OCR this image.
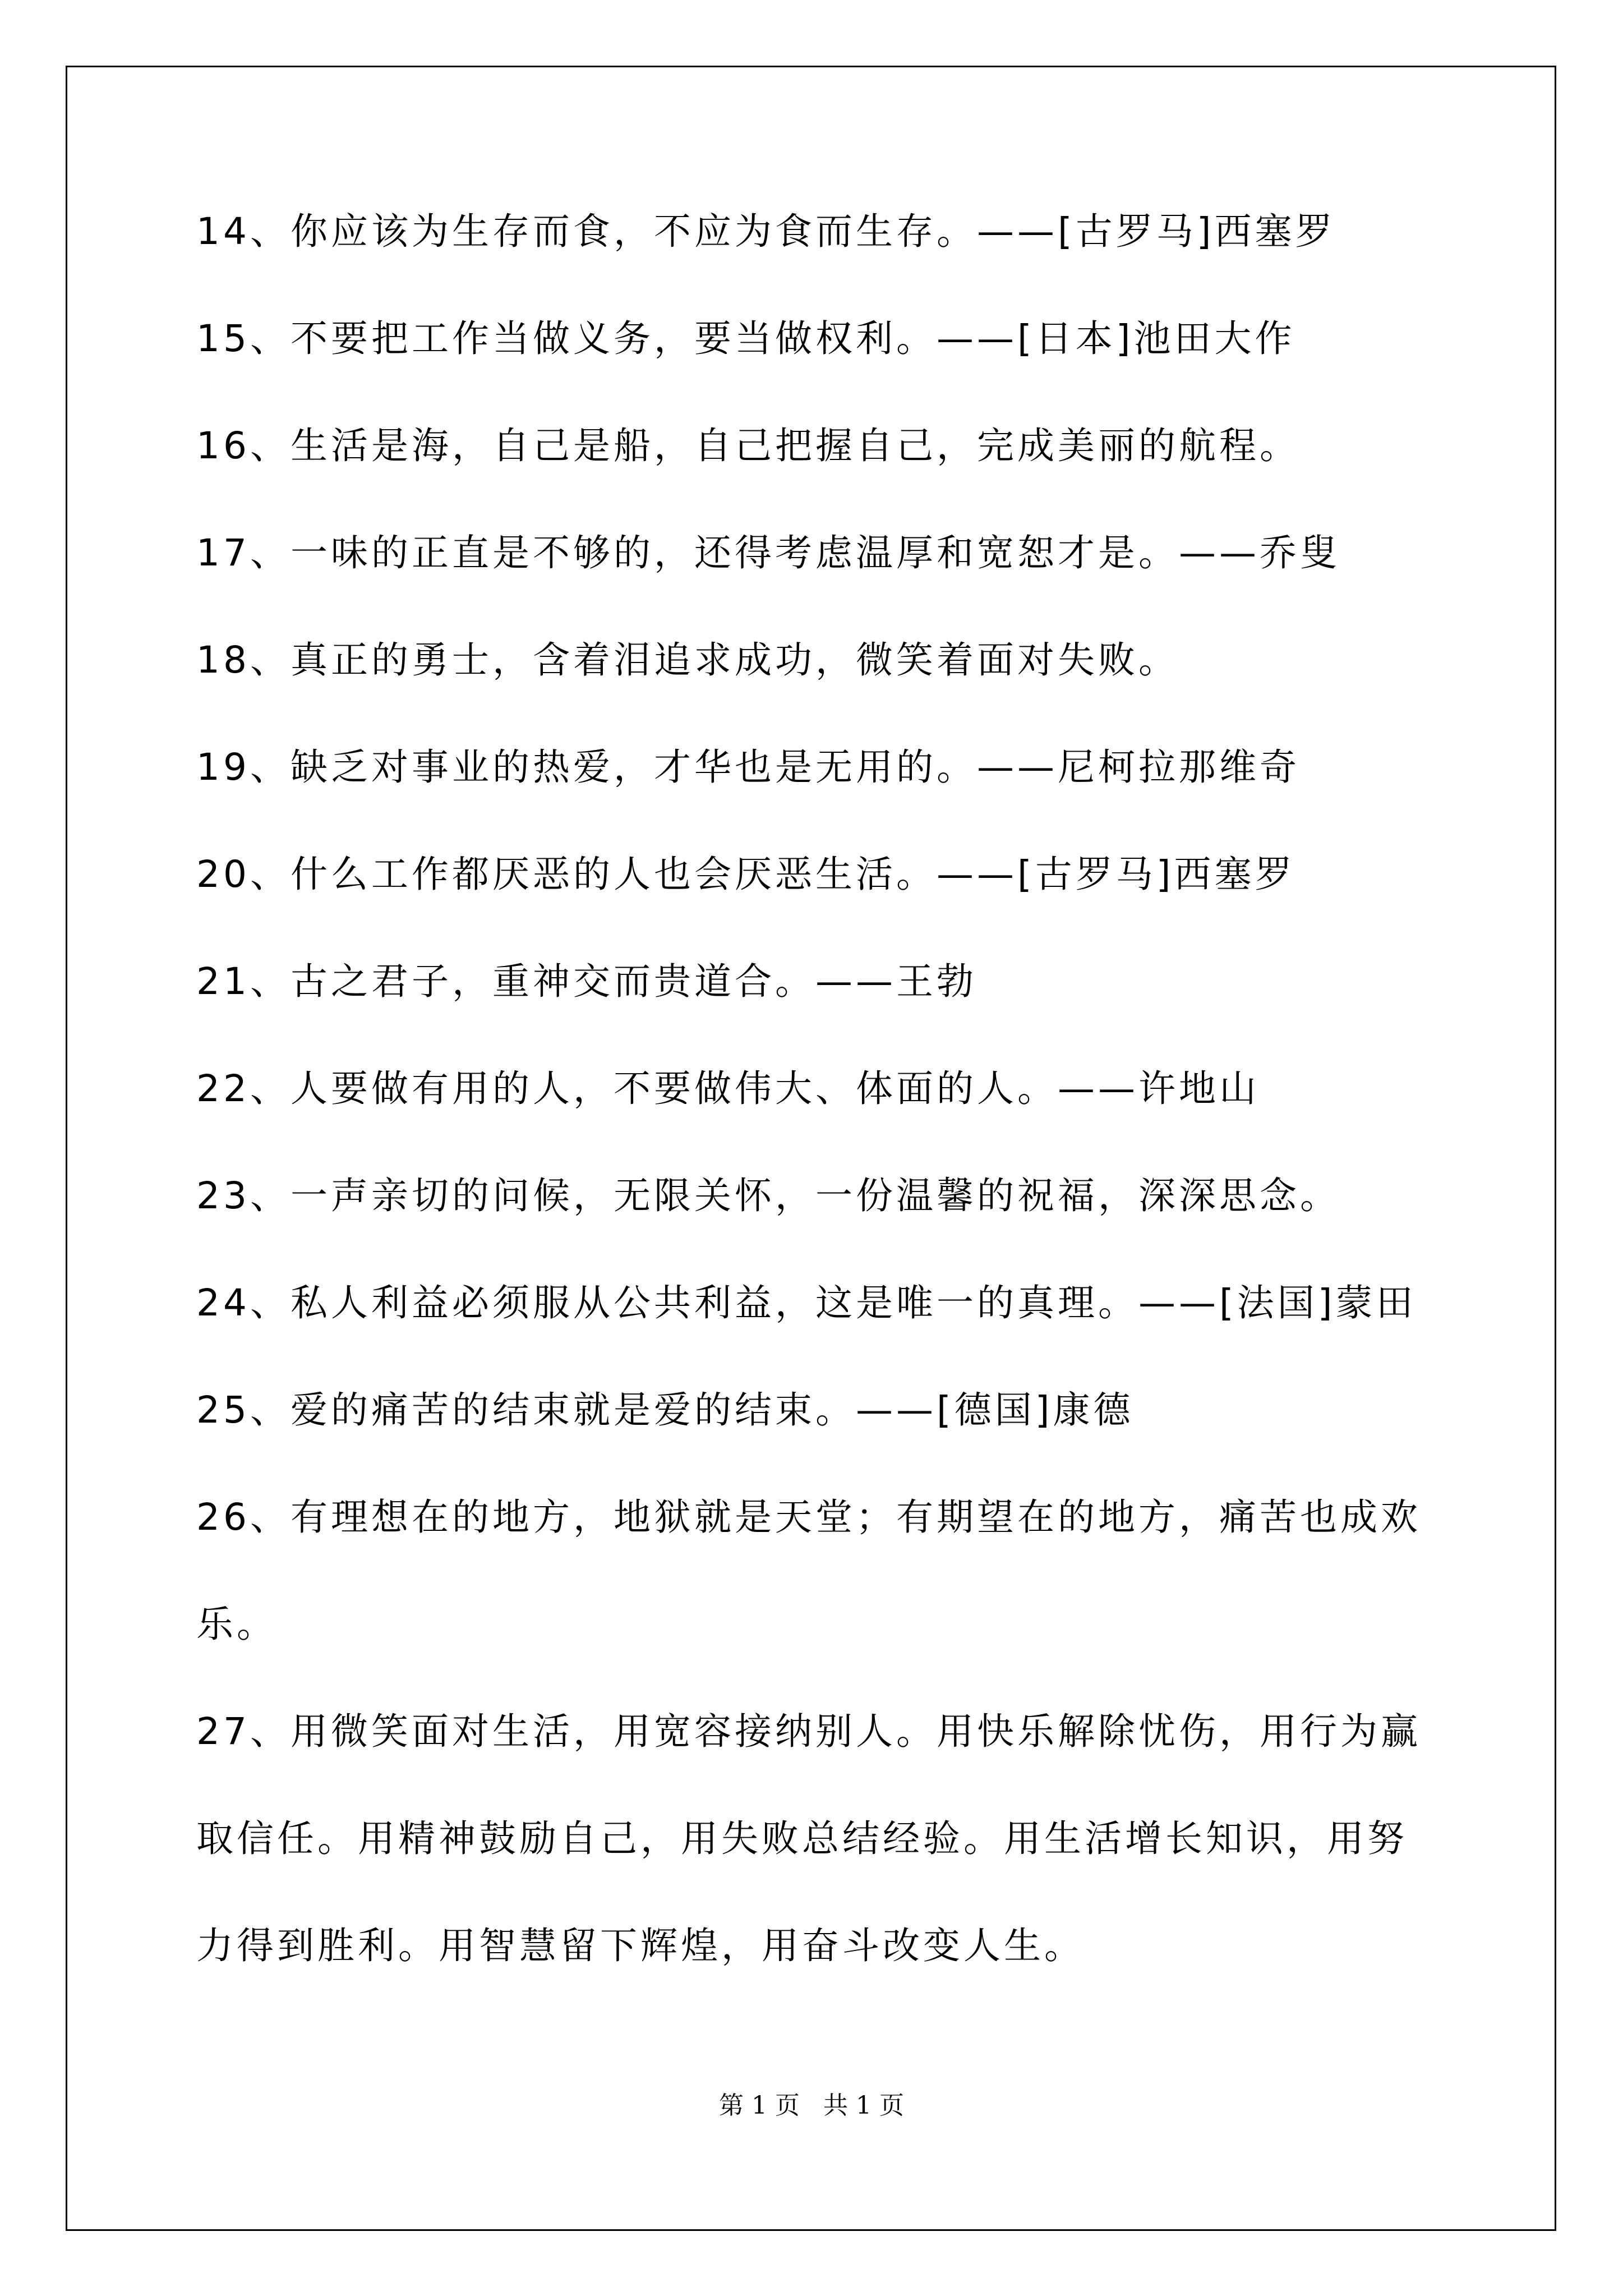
14、你应该为生存而食，不应为食而生存。——[古罗马]西塞罗
15、不要把工作当做义务，要当做权利。——[日本]池田大作
16、生活是海，自己是船，自己把握自己，完成美丽的航程。
17、一味的正直是不够的，还得考虑温厚和宽恕才是。——乔叟
18、真正的勇士，含着泪追求成功，微笑着面对失败。
19、缺乏对事业的热爱，才华也是无用的。——尼柯拉那维奇
20、什么工作都厌恶的人也会厌恶生活。——[古罗马]西塞罗
21、古之君子，重神交而贵道合。——王勃
22、人要做有用的人，不要做伟大、体面的人。——许地山
23、一声亲切的问候，无限关怀，一份温馨的祝福，深深思念。
24、私人利益必须服从公共利益，这是唯一的真理。——[法国]蒙田
25、爱的痛苦的结束就是爱的结束。——[德国]康德
26、有理想在的地方，地狱就是天堂；有期望在的地方，痛苦也成欢
乐。
27、用微笑面对生活，用宽容接纳别人。用快乐解除忧伤，用行为赢
取信任。用精神鼓励自己，用失败总结经验。用生活增长知识，用努
力得到胜利。用智慧留下辉煌，用奋斗改变人生。
第 1 页   共 1 页
